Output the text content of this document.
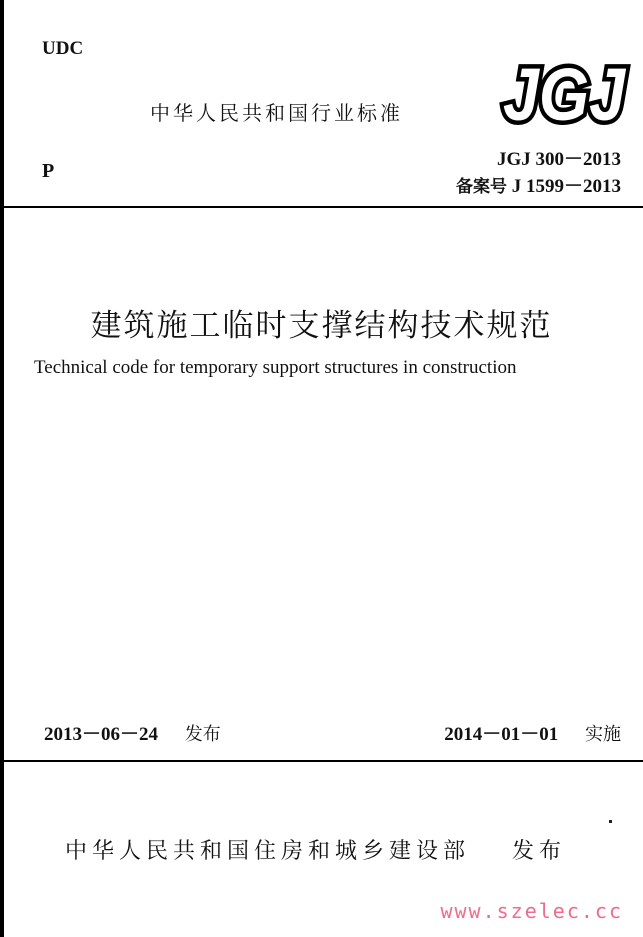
UDC
中华人民共和国行业标准 JGJ
P
JGJ 300－2013
备案号 J 1599－2013
建筑施工临时支撑结构技术规范
Technical code for temporary support structures in construction
2013－06－24 发布	2014－01－01 实施
中华人民共和国住房和城乡建设部 发布
www.szelec.cc
